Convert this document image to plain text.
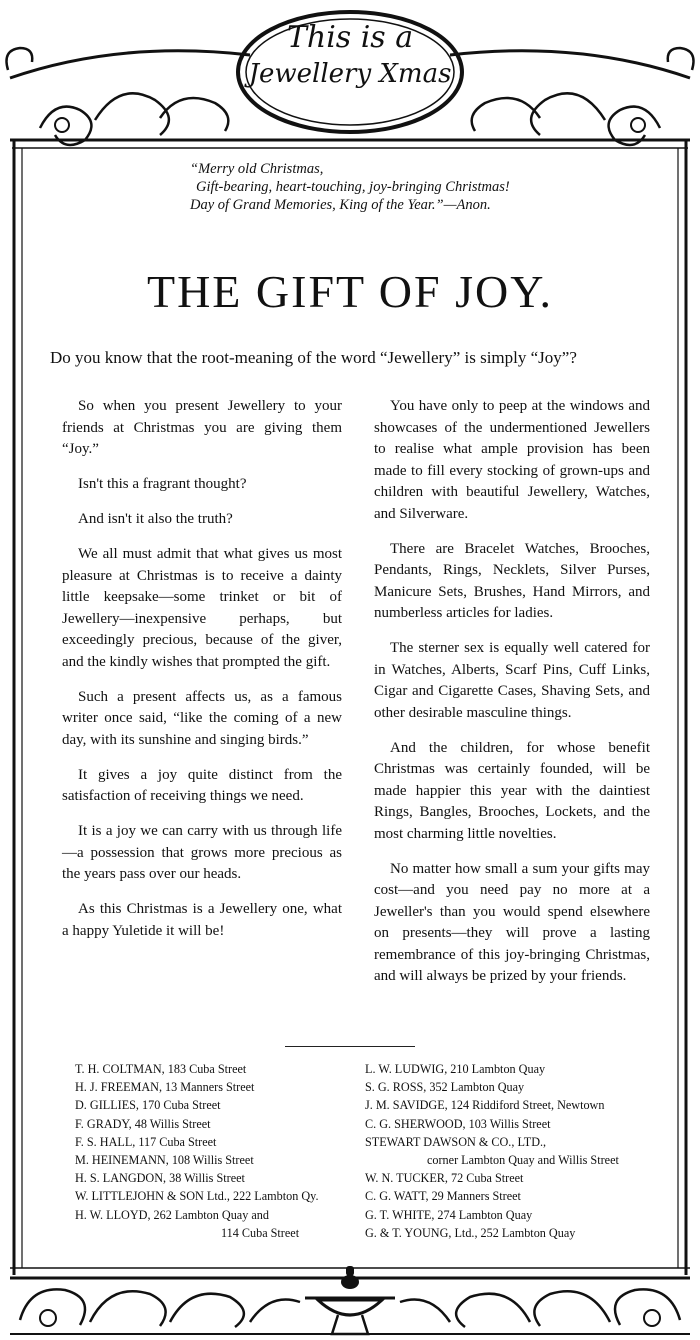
This is a
Jewellery Xmas
“Merry old Christmas,
Gift-bearing, heart-touching, joy-bringing Christmas!
Day of Grand Memories, King of the Year.”—Anon.
THE GIFT OF JOY.
Do you know that the root-meaning of the word “Jewellery” is simply “Joy”?

So when you present Jewellery to your friends at Christmas you are giving them “Joy.”

Isn't this a fragrant thought?

And isn't it also the truth?

We all must admit that what gives us most pleasure at Christmas is to receive a dainty little keepsake—some trinket or bit of Jewellery—inexpensive perhaps, but exceedingly precious, because of the giver, and the kindly wishes that prompted the gift.

Such a present affects us, as a famous writer once said, “like the coming of a new day, with its sunshine and singing birds.”

It gives a joy quite distinct from the satisfaction of receiving things we need.

It is a joy we can carry with us through life—a possession that grows more precious as the years pass over our heads.

As this Christmas is a Jewellery one, what a happy Yuletide it will be!

You have only to peep at the windows and showcases of the undermentioned Jewellers to realise what ample provision has been made to fill every stocking of grown-ups and children with beautiful Jewellery, Watches, and Silverware.

There are Bracelet Watches, Brooches, Pendants, Rings, Necklets, Silver Purses, Manicure Sets, Brushes, Hand Mirrors, and numberless articles for ladies.

The sterner sex is equally well catered for in Watches, Alberts, Scarf Pins, Cuff Links, Cigar and Cigarette Cases, Shaving Sets, and other desirable masculine things.

And the children, for whose benefit Christmas was certainly founded, will be made happier this year with the daintiest Rings, Bangles, Brooches, Lockets, and the most charming little novelties.

No matter how small a sum your gifts may cost—and you need pay no more at a Jeweller's than you would spend elsewhere on presents—they will prove a lasting remembrance of this joy-bringing Christmas, and will always be prized by your friends.

T. H. COLTMAN, 183 Cuba Street
H. J. FREEMAN, 13 Manners Street
D. GILLIES, 170 Cuba Street
F. GRADY, 48 Willis Street
F. S. HALL, 117 Cuba Street
M. HEINEMANN, 108 Willis Street
H. S. LANGDON, 38 Willis Street
W. LITTLEJOHN & SON Ltd., 222 Lambton Qy.
H. W. LLOYD, 262 Lambton Quay and
114 Cuba Street
L. W. LUDWIG, 210 Lambton Quay
S. G. ROSS, 352 Lambton Quay
J. M. SAVIDGE, 124 Riddiford Street, Newtown
C. G. SHERWOOD, 103 Willis Street
STEWART DAWSON & CO., LTD.,
corner Lambton Quay and Willis Street
W. N. TUCKER, 72 Cuba Street
C. G. WATT, 29 Manners Street
G. T. WHITE, 274 Lambton Quay
G. & T. YOUNG, Ltd., 252 Lambton Quay
